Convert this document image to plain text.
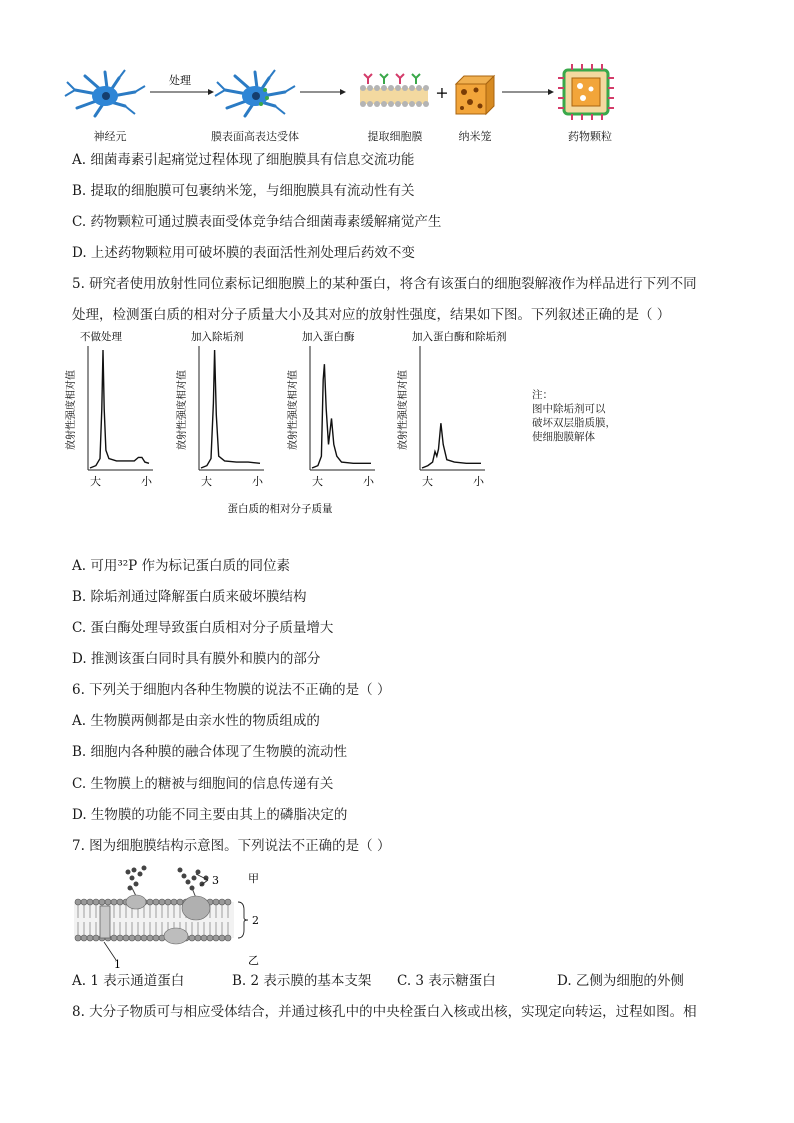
处理
+
神经元	膜表面高表达受体	提取细胞膜	纳米笼	药物颗粒
A. 细菌毒素引起痛觉过程体现了细胞膜具有信息交流功能
B. 提取的细胞膜可包裹纳米笼，与细胞膜具有流动性有关
C. 药物颗粒可通过膜表面受体竞争结合细菌毒素缓解痛觉产生
D. 上述药物颗粒用可破坏膜的表面活性剂处理后药效不变
5. 研究者使用放射性同位素标记细胞膜上的某种蛋白，将含有该蛋白的细胞裂解液作为样品进行下列不同
处理，检测蛋白质的相对分子质量大小及其对应的放射性强度，结果如下图。下列叙述正确的是（ ）
不做处理
放射性强度相对值
大	小
加入除垢剂
放射性强度相对值
大	小
加入蛋白酶
放射性强度相对值
大	小
加入蛋白酶和除垢剂
放射性强度相对值
大	小
蛋白质的相对分子质量
注：
图中除垢剂可以
破坏双层脂质膜，
使细胞膜解体
A. 可用³²P 作为标记蛋白质的同位素
B. 除垢剂通过降解蛋白质来破坏膜结构
C. 蛋白酶处理导致蛋白质相对分子质量增大
D. 推测该蛋白同时具有膜外和膜内的部分
6. 下列关于细胞内各种生物膜的说法不正确的是（ ）
A. 生物膜两侧都是由亲水性的物质组成的
B. 细胞内各种膜的融合体现了生物膜的流动性
C. 生物膜上的糖被与细胞间的信息传递有关
D. 生物膜的功能不同主要由其上的磷脂决定的
7. 图为细胞膜结构示意图。下列说法不正确的是（ ）
1
3
2
甲
乙
A. 1 表示通道蛋白	B. 2 表示膜的基本支架 C. 3 表示糖蛋白	D. 乙侧为细胞的外侧
8. 大分子物质可与相应受体结合，并通过核孔中的中央栓蛋白入核或出核，实现定向转运，过程如图。相
